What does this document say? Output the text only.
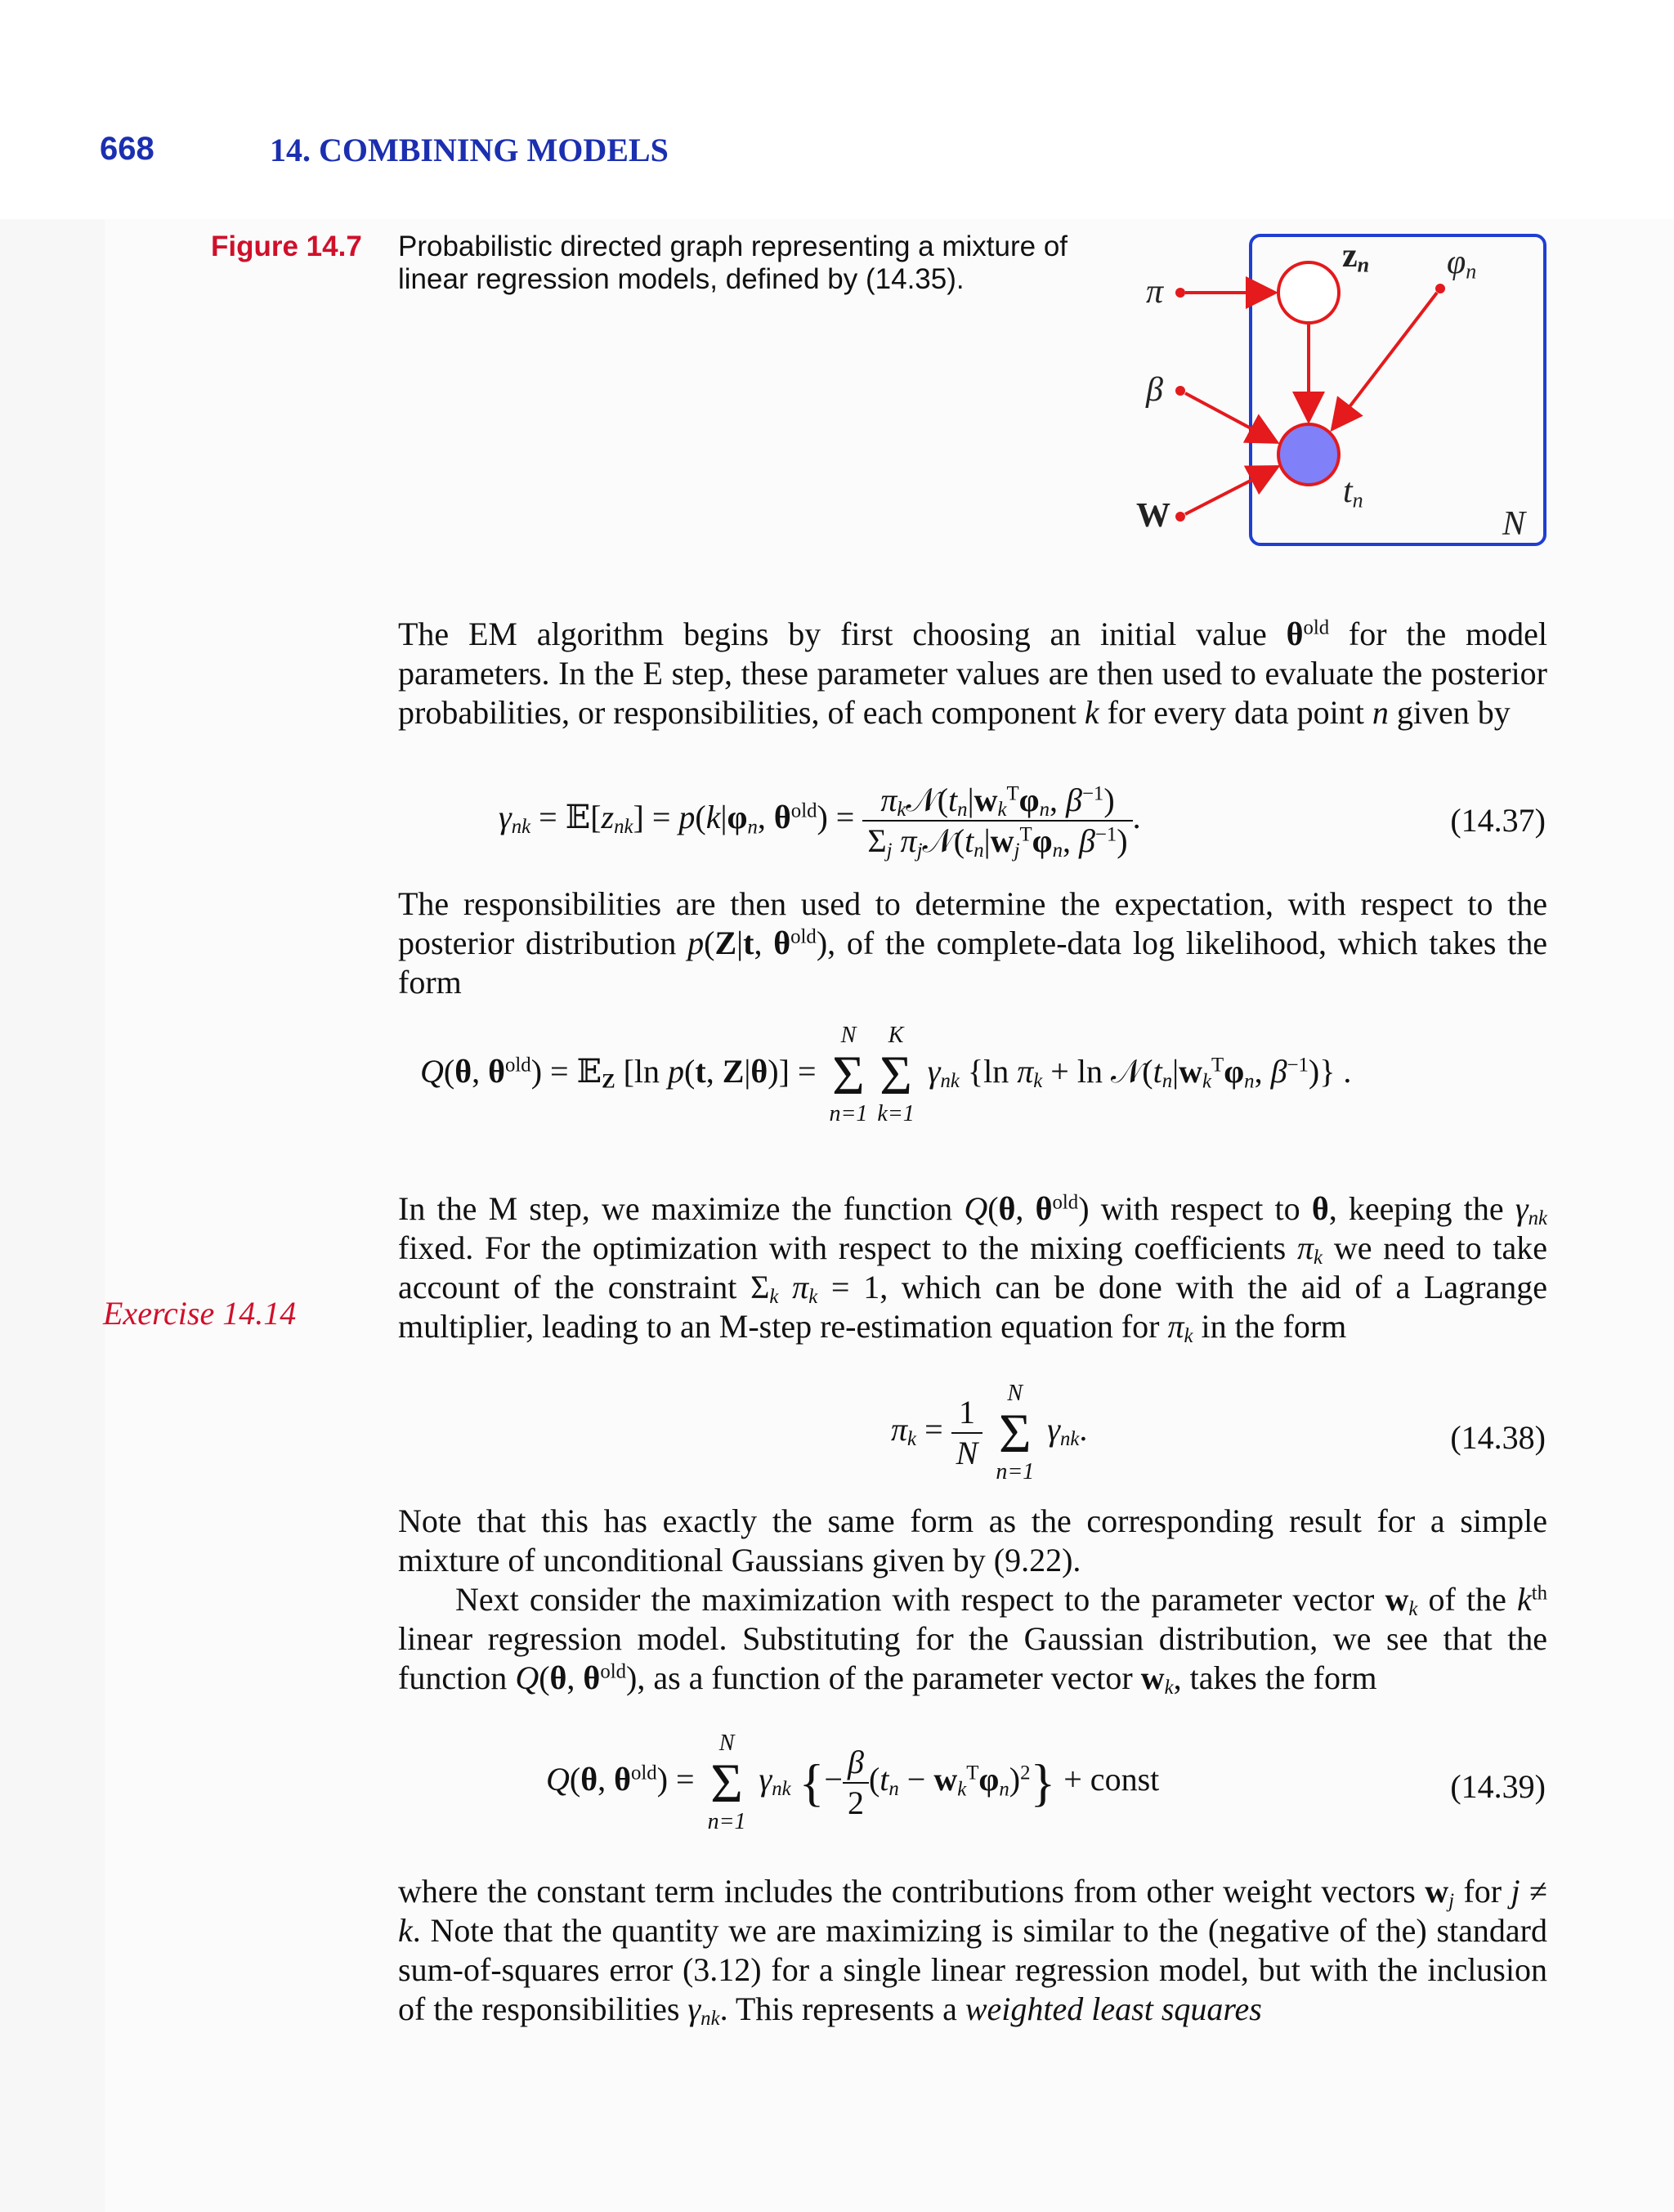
668	14. COMBINING MODELS
Figure 14.7 Probabilistic directed graph representing a mixture of linear regression models, defined by (14.35).	π
β
W
$z_n$ $\varphi_n$
$t_n$
N

The EM algorithm begins by first choosing an initial value $\theta^{old}$ for the model parameters. In the E step, these parameter values are then used to evaluate the posterior probabilities, or responsibilities, of each component k for every data point n given by

$\gamma_{nk}$ = $𝔼[z_{nk}] = p(k|\varphi_n$, $\theta^{old}) = \frac{\pi_k𝒩(t_n|w_k^T\varphi_n, \beta^{-1})}{\Sigma_j \pi_j𝒩(t_n|w_j^T\varphi_n, \beta^{-1})}$ .	(14.37)

The responsibilities are then used to determine the expectation, with respect to the posterior distribution p(Z|t, $\theta^{old}$), of the complete-data log likelihood, which takes the form

Q(θ, $\theta^{old}$) = 𝔼$_Z$ [ln p(t, Z|θ)] =
N
Σ
n=1
K
Σ
k=1
$\gamma_{nk}$ {ln $\pi_k + \ln$ $𝒩(t_n|w_k^T\varphi_n$, $\beta^{-1}$)} .

In the M step, we maximize the function Q(θ, $\theta^{old}$) with respect to θ, keeping the $\gamma_{nk}$ fixed. For the optimization with respect to the mixing coefficients $\pi_k$ we need to take account of the constraint $\Sigma_k$ $\pi_k = 1$, which can be done with the aid of a Lagrange multiplier, leading to an M-step re-estimation equation for $\pi_k$ in the form

Exercise 14.14
$\pi_k = \frac{1}{N}$
	N
Σ
n=1
$\gamma_{nk}$.	(14.38)

Note that this has exactly the same form as the corresponding result for a simple mixture of unconditional Gaussians given by (9.22).

Next consider the maximization with respect to the parameter vector $w_k$ of the $k^{th}$ linear regression model. Substituting for the Gaussian distribution, we see that the function Q(θ, $\theta^{old}$), as a function of the parameter vector $w_k$, takes the form

Q(θ, $\theta^{old}$) =
N
Σ
n=1
$\gamma_{nk}$ {− $\frac{\beta}{2} (t_n - w_k^T\varphi_n)^2$} + const	(14.39)

where the constant term includes the contributions from other weight vectors $w_j$ for j ≠ k. Note that the quantity we are maximizing is similar to the (negative of the) standard sum-of-squares error (3.12) for a single linear regression model, but with the inclusion of the responsibilities $\gamma_{nk}$. This represents a weighted least squares
